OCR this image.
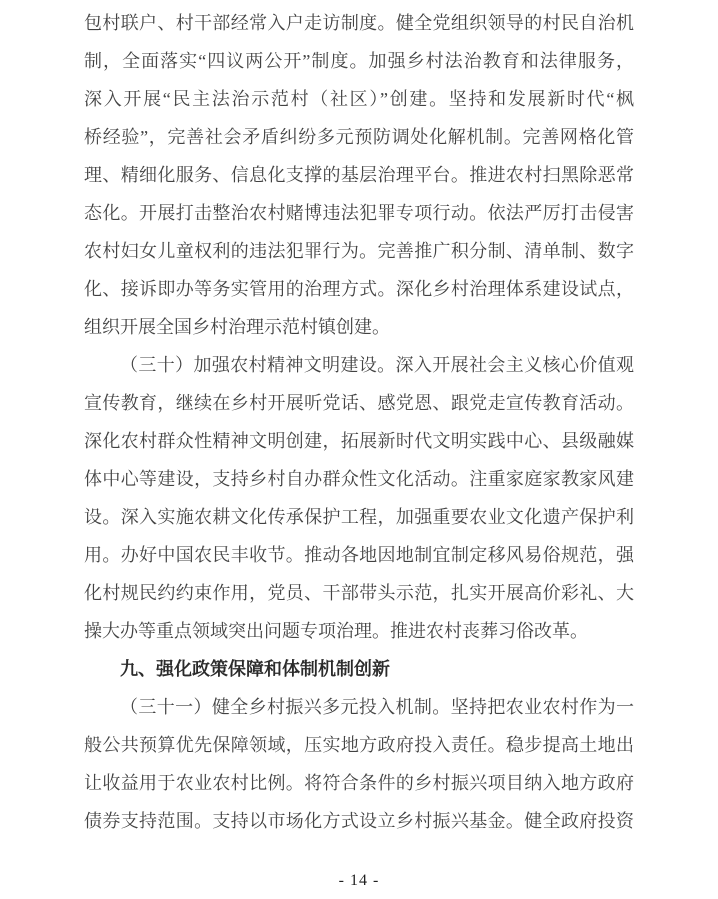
包村联户、村干部经常入户走访制度。健全党组织领导的村民自治机
制，全面落实“四议两公开”制度。加强乡村法治教育和法律服务，
深入开展“民主法治示范村（社区）”创建。坚持和发展新时代“枫
桥经验”，完善社会矛盾纠纷多元预防调处化解机制。完善网格化管
理、精细化服务、信息化支撑的基层治理平台。推进农村扫黑除恶常
态化。开展打击整治农村赌博违法犯罪专项行动。依法严厉打击侵害
农村妇女儿童权利的违法犯罪行为。完善推广积分制、清单制、数字
化、接诉即办等务实管用的治理方式。深化乡村治理体系建设试点，
组织开展全国乡村治理示范村镇创建。
（三十）加强农村精神文明建设。深入开展社会主义核心价值观
宣传教育，继续在乡村开展听党话、感党恩、跟党走宣传教育活动。
深化农村群众性精神文明创建，拓展新时代文明实践中心、县级融媒
体中心等建设，支持乡村自办群众性文化活动。注重家庭家教家风建
设。深入实施农耕文化传承保护工程，加强重要农业文化遗产保护利
用。办好中国农民丰收节。推动各地因地制宜制定移风易俗规范，强
化村规民约约束作用，党员、干部带头示范，扎实开展高价彩礼、大
操大办等重点领域突出问题专项治理。推进农村丧葬习俗改革。
九、强化政策保障和体制机制创新
（三十一）健全乡村振兴多元投入机制。坚持把农业农村作为一
般公共预算优先保障领域，压实地方政府投入责任。稳步提高土地出
让收益用于农业农村比例。将符合条件的乡村振兴项目纳入地方政府
债券支持范围。支持以市场化方式设立乡村振兴基金。健全政府投资
- 14 -
